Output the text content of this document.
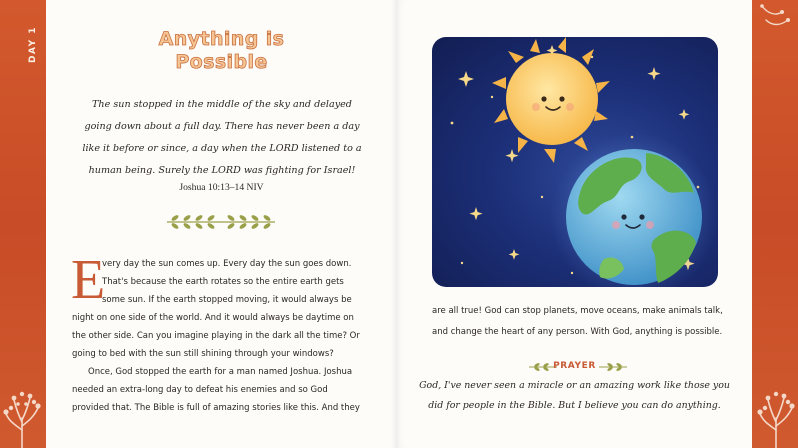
DAY 1	Anything is
Possible
The sun stopped in the middle of the sky and delayed
going down about a full day. There has never been a day
like it before or since, a day when the LORD listened to a
human being. Surely the LORD was fighting for Israel!
Joshua 10:13–14 NIV
E
very day the sun comes up. Every day the sun goes down.
That's because the earth rotates so the entire earth gets
some sun. If the earth stopped moving, it would always be
night on one side of the world. And it would always be daytime on
the other side. Can you imagine playing in the dark all the time? Or
going to bed with the sun still shining through your windows?
Once, God stopped the earth for a man named Joshua. Joshua
needed an extra-long day to defeat his enemies and so God
provided that. The Bible is full of amazing stories like this. And they
are all true! God can stop planets, move oceans, make animals talk,
and change the heart of any person. With God, anything is possible.
PRAYER
God, I've never seen a miracle or an amazing work like those you
did for people in the Bible. But I believe you can do anything.
